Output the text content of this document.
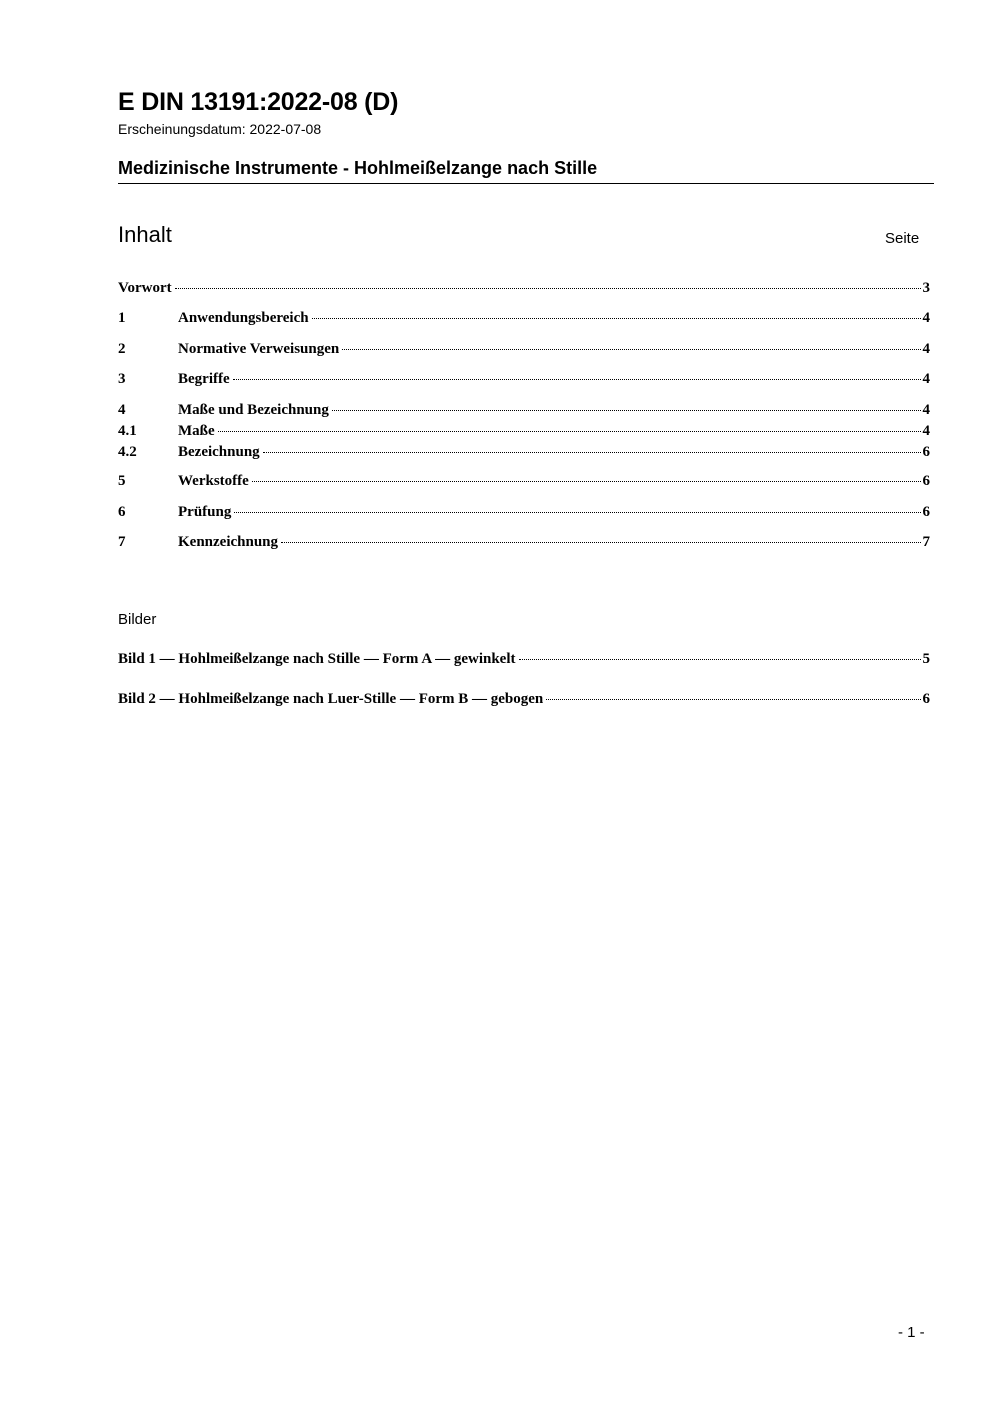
E DIN 13191:2022-08 (D)
Erscheinungsdatum: 2022-07-08
Medizinische Instrumente - Hohlmeißelzange nach Stille
Inhalt	Seite
Vorwort	3
1	Anwendungsbereich	4
2	Normative Verweisungen	4
3	Begriffe	4
4	Maße und Bezeichnung	4
4.1	Maße	4
4.2	Bezeichnung	6
5	Werkstoffe	6
6	Prüfung	6
7	Kennzeichnung	7
Bilder
Bild 1 — Hohlmeißelzange nach Stille — Form A — gewinkelt	5
Bild 2 — Hohlmeißelzange nach Luer-Stille — Form B — gebogen	6
- 1 -
